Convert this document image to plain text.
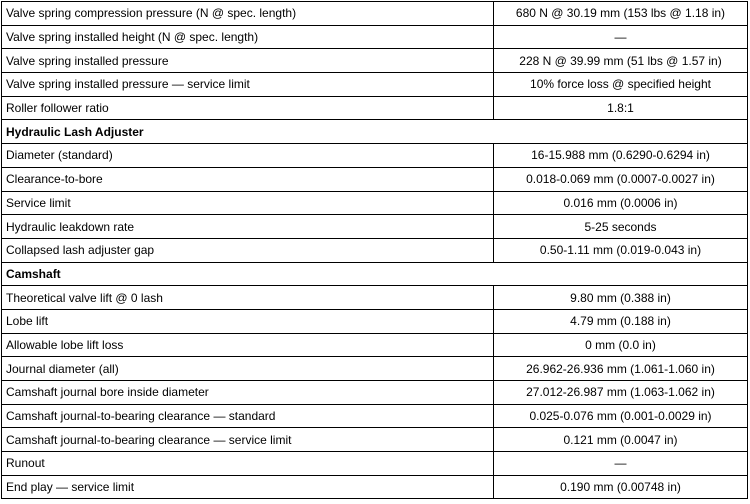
Valve spring compression pressure (N @ spec. length)	680 N @ 30.19 mm (153 lbs @ 1.18 in)
Valve spring installed height (N @ spec. length)	—
Valve spring installed pressure	228 N @ 39.99 mm (51 lbs @ 1.57 in)
Valve spring installed pressure — service limit	10% force loss @ specified height
Roller follower ratio	1.8:1
Hydraulic Lash Adjuster	
Diameter (standard)	16-15.988 mm (0.6290-0.6294 in)
Clearance-to-bore	0.018-0.069 mm (0.0007-0.0027 in)
Service limit	0.016 mm (0.0006 in)
Hydraulic leakdown rate	5-25 seconds
Collapsed lash adjuster gap	0.50-1.11 mm (0.019-0.043 in)
Camshaft	
Theoretical valve lift @ 0 lash	9.80 mm (0.388 in)
Lobe lift	4.79 mm (0.188 in)
Allowable lobe lift loss	0 mm (0.0 in)
Journal diameter (all)	26.962-26.936 mm (1.061-1.060 in)
Camshaft journal bore inside diameter	27.012-26.987 mm (1.063-1.062 in)
Camshaft journal-to-bearing clearance — standard	0.025-0.076 mm (0.001-0.0029 in)
Camshaft journal-to-bearing clearance — service limit	0.121 mm (0.0047 in)
Runout	—
End play — service limit	0.190 mm (0.00748 in)
